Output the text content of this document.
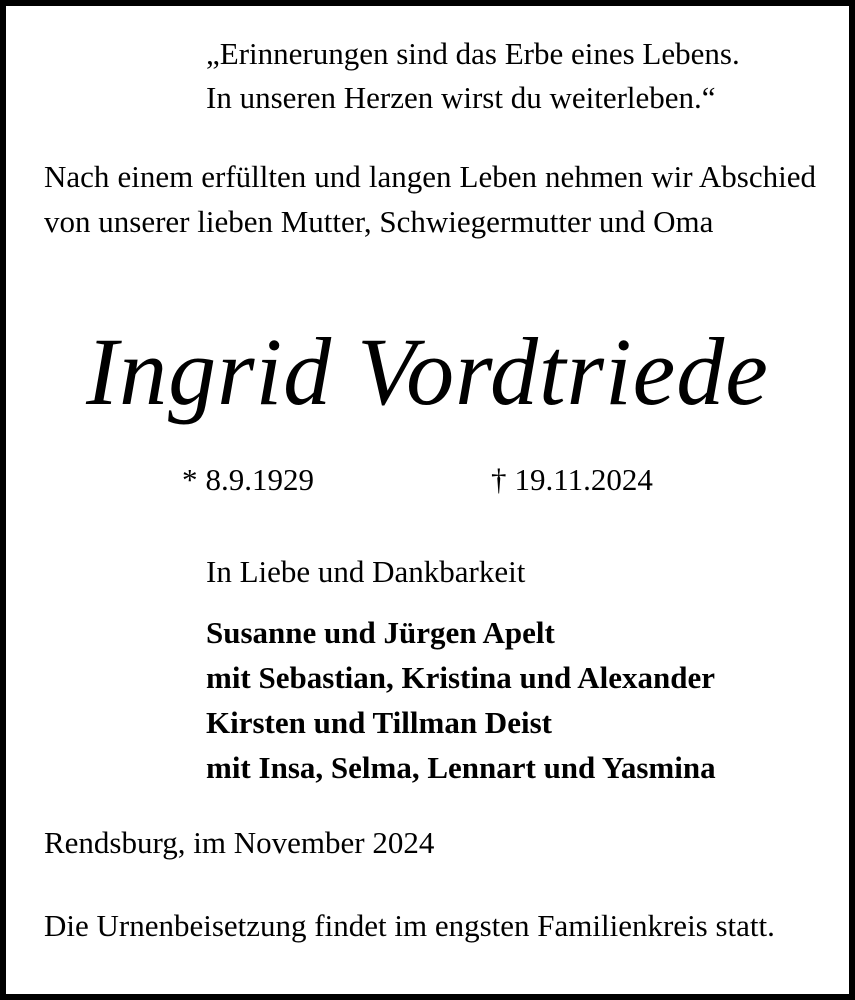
„Erinnerungen sind das Erbe eines Lebens.
In unseren Herzen wirst du weiterleben.“
Nach einem erfüllten und langen Leben nehmen wir Abschied von unserer lieben Mutter, Schwiegermutter und Oma
Ingrid Vordtriede
* 8.9.1929	† 19.11.2024
In Liebe und Dankbarkeit
Susanne und Jürgen Apelt
mit Sebastian, Kristina und Alexander
Kirsten und Tillman Deist
mit Insa, Selma, Lennart und Yasmina
Rendsburg, im November 2024
Die Urnenbeisetzung findet im engsten Familienkreis statt.
